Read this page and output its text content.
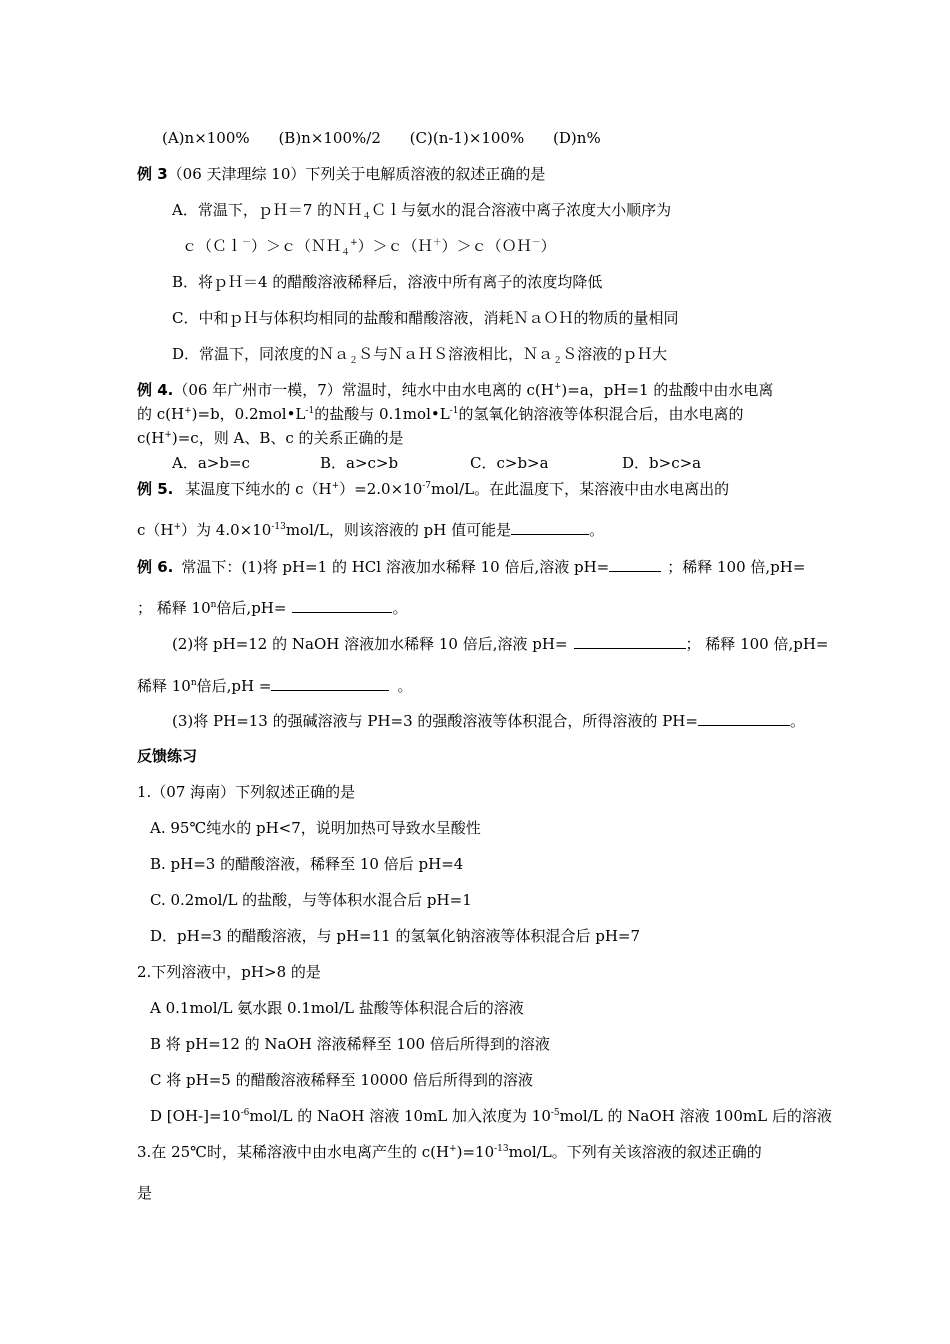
(A)n×100% (B)n×100%/2 (C)(n-1)×100% (D)n%
例 3（06 天津理综 10）下列关于电解质溶液的叙述正确的是
A．常温下，ｐＨ＝7 的ＮＨ$_4$Ｃｌ与氨水的混合溶液中离子浓度大小顺序为
ｃ（Ｃｌ－）＞ｃ（ＮＨ$_4$+）＞ｃ（Ｈ＋）＞ｃ（ＯＨ－）
B．将ｐＨ＝4 的醋酸溶液稀释后，溶液中所有离子的浓度均降低
C．中和ｐＨ与体积均相同的盐酸和醋酸溶液，消耗ＮａＯＨ的物质的量相同
D．常温下，同浓度的Ｎａ$_2$Ｓ与ＮａＨＳ溶液相比，Ｎａ$_2$Ｓ溶液的ｐＨ大
例 4.（06 年广州市一模，7）常温时，纯水中由水电离的 c(H+)=a，pH=1 的盐酸中由水电离
的 c(H+)=b，$0.2mol•L^{-1}$的盐酸与 $0.1mol•L^{-1}$的氢氧化钠溶液等体积混合后，由水电离的
c(H+)=c，则 A、B、c 的关系正确的是
A．a>b=c	B．a>c>b	C．c>b>a	D．b>c>a
例 5. 某温度下纯水的 $c(H^+)=2.0\times 10^{-7}mol/L$。在此温度下，某溶液中由水电离出的
c（H+）为 $4.0\times 10^{-13}mol/L$，则该溶液的 pH 值可能是	。
例 6. 常温下：(1)将 pH=1 的 HCl 溶液加水稀释 10 倍后,溶液 pH=	；稀释 100 倍,pH=
； 稀释 10$^n$倍后,pH=	。
(2)将 pH=12 的 NaOH 溶液加水稀释 10 倍后,溶液 pH=	； 稀释 100 倍,pH=
稀释 10$^n$倍后,pH =	。
(3)将 PH=13 的强碱溶液与 PH=3 的强酸溶液等体积混合，所得溶液的 PH=	。
反馈练习
1.（07 海南）下列叙述正确的是
A. 95℃纯水的 pH<7，说明加热可导致水呈酸性
B. pH=3 的醋酸溶液，稀释至 10 倍后 pH=4
C. 0.2mol/L 的盐酸，与等体积水混合后 pH=1
D．pH=3 的醋酸溶液，与 pH=11 的氢氧化钠溶液等体积混合后 pH=7
2.下列溶液中，pH>8 的是
A 0.1mol/L 氨水跟 0.1mol/L 盐酸等体积混合后的溶液
B 将 pH=12 的 NaOH 溶液稀释至 100 倍后所得到的溶液
C 将 pH=5 的醋酸溶液稀释至 10000 倍后所得到的溶液
D $[OH-]=10^{-6}mol/L$ 的 NaOH 溶液 10mL 加入浓度为 $10^{-5}mol/L$ 的 NaOH 溶液 100mL 后的溶液
3.在 25℃时，某稀溶液中由水电离产生的 $c(H^+)=10^{-13}mol/L$。下列有关该溶液的叙述正确的
是
